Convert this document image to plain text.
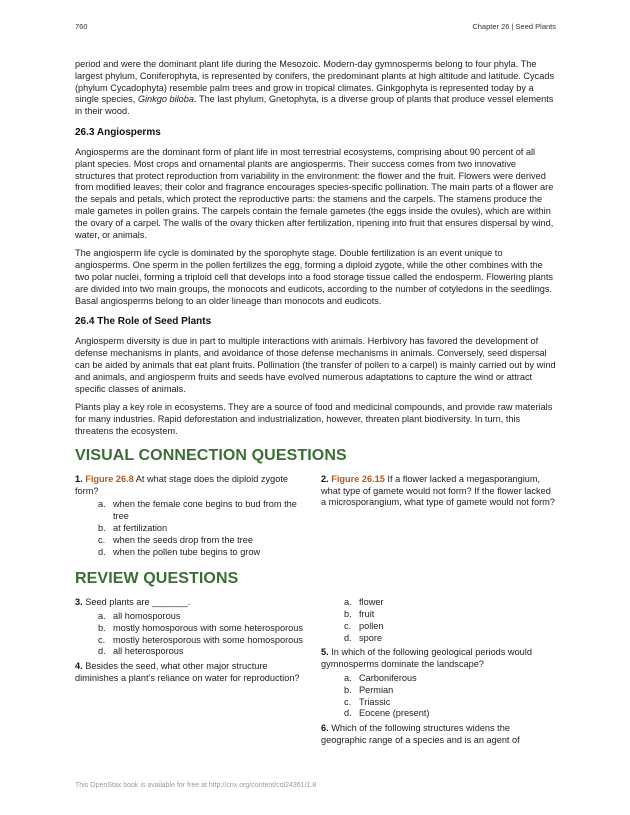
760	Chapter 26 | Seed Plants

period and were the dominant plant life during the Mesozoic. Modern-day gymnosperms belong to four phyla. The largest phylum, Coniferophyta, is represented by conifers, the predominant plants at high altitude and latitude. Cycads (phylum Cycadophyta) resemble palm trees and grow in tropical climates. Ginkgophyta is represented today by a single species, Ginkgo biloba. The last phylum, Gnetophyta, is a diverse group of plants that produce vessel elements in their wood.

26.3 Angiosperms

Angiosperms are the dominant form of plant life in most terrestrial ecosystems, comprising about 90 percent of all plant species. Most crops and ornamental plants are angiosperms. Their success comes from two innovative structures that protect reproduction from variability in the environment: the flower and the fruit. Flowers were derived from modified leaves; their color and fragrance encourages species-specific pollination. The main parts of a flower are the sepals and petals, which protect the reproductive parts: the stamens and the carpels. The stamens produce the male gametes in pollen grains. The carpels contain the female gametes (the eggs inside the ovules), which are within the ovary of a carpel. The walls of the ovary thicken after fertilization, ripening into fruit that ensures dispersal by wind, water, or animals.

The angiosperm life cycle is dominated by the sporophyte stage. Double fertilization is an event unique to angiosperms. One sperm in the pollen fertilizes the egg, forming a diploid zygote, while the other combines with the two polar nuclei, forming a triploid cell that develops into a food storage tissue called the endosperm. Flowering plants are divided into two main groups, the monocots and eudicots, according to the number of cotyledons in the seedlings. Basal angiosperms belong to an older lineage than monocots and eudicots.

26.4 The Role of Seed Plants

Angiosperm diversity is due in part to multiple interactions with animals. Herbivory has favored the development of defense mechanisms in plants, and avoidance of those defense mechanisms in animals. Conversely, seed dispersal can be aided by animals that eat plant fruits. Pollination (the transfer of pollen to a carpel) is mainly carried out by wind and animals, and angiosperm fruits and seeds have evolved numerous adaptations to capture the wind or attract specific classes of animals.

Plants play a key role in ecosystems. They are a source of food and medicinal compounds, and provide raw materials for many industries. Rapid deforestation and industrialization, however, threaten plant biodiversity. In turn, this threatens the ecosystem.

VISUAL CONNECTION QUESTIONS
1. Figure 26.8 At what stage does the diploid zygote form?
a. when the female cone begins to bud from the tree
b. at fertilization
c. when the seeds drop from the tree
d. when the pollen tube begins to grow
2. Figure 26.15 If a flower lacked a megasporangium, what type of gamete would not form? If the flower lacked a microsporangium, what type of gamete would not form?
REVIEW QUESTIONS
3. Seed plants are _______.
a. all homosporous
b. mostly homosporous with some heterosporous
c. mostly heterosporous with some homosporous
d. all heterosporous
4. Besides the seed, what other major structure diminishes a plant’s reliance on water for reproduction?
a. flower
b. fruit
c. pollen
d. spore
5. In which of the following geological periods would gymnosperms dominate the landscape?
a. Carboniferous
b. Permian
c. Triassic
d. Eocene (present)
6. Which of the following structures widens the geographic range of a species and is an agent of
This OpenStax book is available for free at http://cnx.org/content/col24361/1.8
